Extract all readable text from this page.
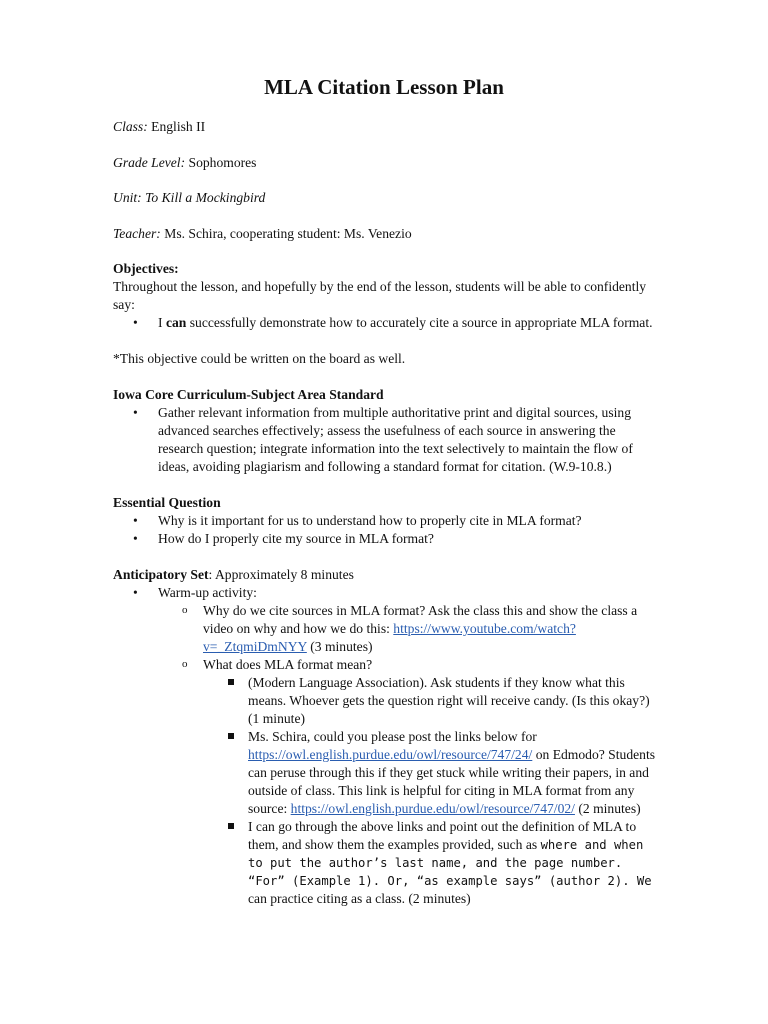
MLA Citation Lesson Plan
Class: English II
Grade Level: Sophomores
Unit: To Kill a Mockingbird
Teacher: Ms. Schira, cooperating student: Ms. Venezio
Objectives:

Throughout the lesson, and hopefully by the end of the lesson, students will be able to confidently say:

• I can successfully demonstrate how to accurately cite a source in appropriate MLA format.

*This objective could be written on the board as well.

Iowa Core Curriculum-Subject Area Standard
• Gather relevant information from multiple authoritative print and digital sources, using advanced searches effectively; assess the usefulness of each source in answering the research question; integrate information into the text selectively to maintain the flow of ideas, avoiding plagiarism and following a standard format for citation. (W.9-10.8.)
Essential Question
• Why is it important for us to understand how to properly cite in MLA format?
• How do I properly cite my source in MLA format?
Anticipatory Set: Approximately 8 minutes
• Warm-up activity:
o Why do we cite sources in MLA format? Ask the class this and show the class a video on why and how we do this: https://www.youtube.com/watch?v=_ZtqmiDmNYY (3 minutes)
o What does MLA format mean?
(Modern Language Association). Ask students if they know what this means. Whoever gets the question right will receive candy. (Is this okay?) (1 minute)
Ms. Schira, could you please post the links below for https://owl.english.purdue.edu/owl/resource/747/24/ on Edmodo? Students can peruse through this if they get stuck while writing their papers, in and outside of class. This link is helpful for citing in MLA format from any source: https://owl.english.purdue.edu/owl/resource/747/02/ (2 minutes)
I can go through the above links and point out the definition of MLA to them, and show them the examples provided, such as where and when to put the author’s last name, and the page number. “For” (Example 1). Or, “as example says” (author 2). We can practice citing as a class. (2 minutes)
